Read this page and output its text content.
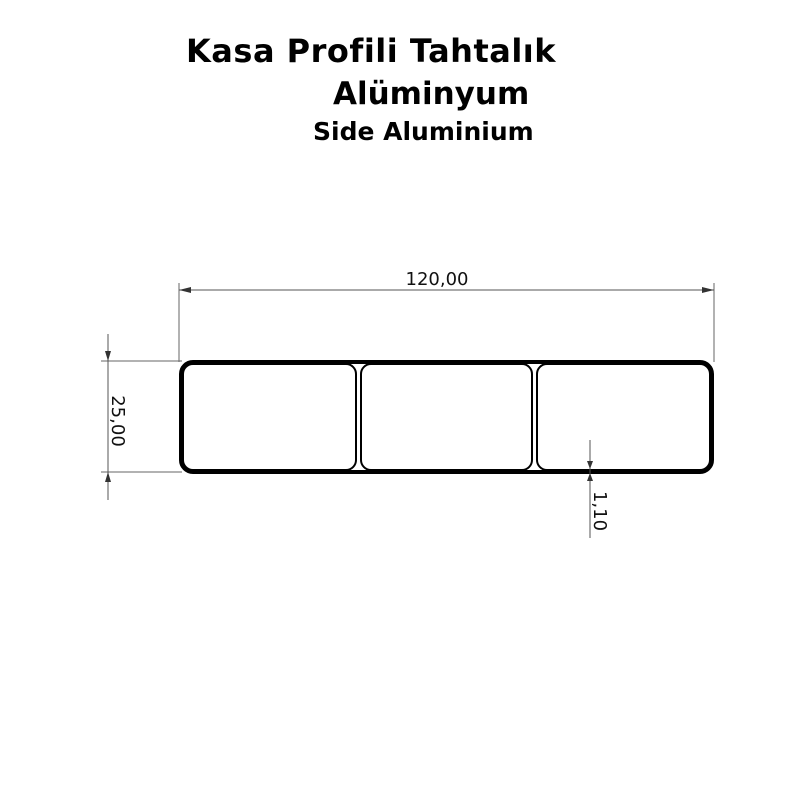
Kasa Profili Tahtalık
Alüminyum
Side Aluminium
120,00
25,00
1,10
